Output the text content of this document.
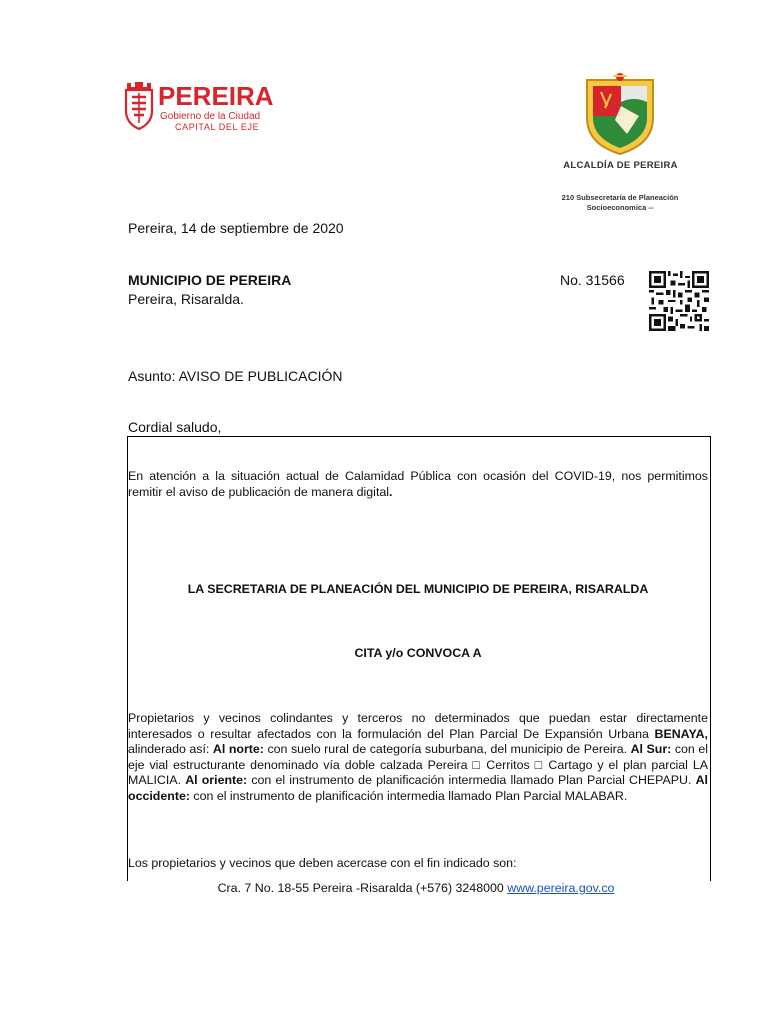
PEREIRA
Gobierno de la Ciudad
CAPITAL DEL EJE
ALCALDÍA DE PEREIRA
210 Subsecretaría de Planeación
Socioeconomica --
Pereira, 14 de septiembre de 2020
MUNICIPIO DE PEREIRA
Pereira, Risaralda.
No. 31566
Asunto: AVISO DE PUBLICACIÓN
Cordial saludo,
En atención a la situación actual de Calamidad Pública con ocasión del COVID-19, nos permitimos remitir el aviso de publicación de manera digital.
LA SECRETARIA DE PLANEACIÓN DEL MUNICIPIO DE PEREIRA, RISARALDA
CITA y/o CONVOCA A
Propietarios y vecinos colindantes y terceros no determinados que puedan estar directamente interesados o resultar afectados con la formulación del Plan Parcial De Expansión Urbana BENAYA, alinderado así: Al norte: con suelo rural de categoría suburbana, del municipio de Pereira. Al Sur: con el eje vial estructurante denominado vía doble calzada Pereira □ Cerritos □ Cartago y el plan parcial LA MALICIA. Al oriente: con el instrumento de planificación intermedia llamado Plan Parcial CHEPAPU. Al occidente: con el instrumento de planificación intermedia llamado Plan Parcial MALABAR.
Los propietarios y vecinos que deben acercase con el fin indicado son:
Cra. 7 No. 18-55 Pereira -Risaralda (+576) 3248000 www.pereira.gov.co
